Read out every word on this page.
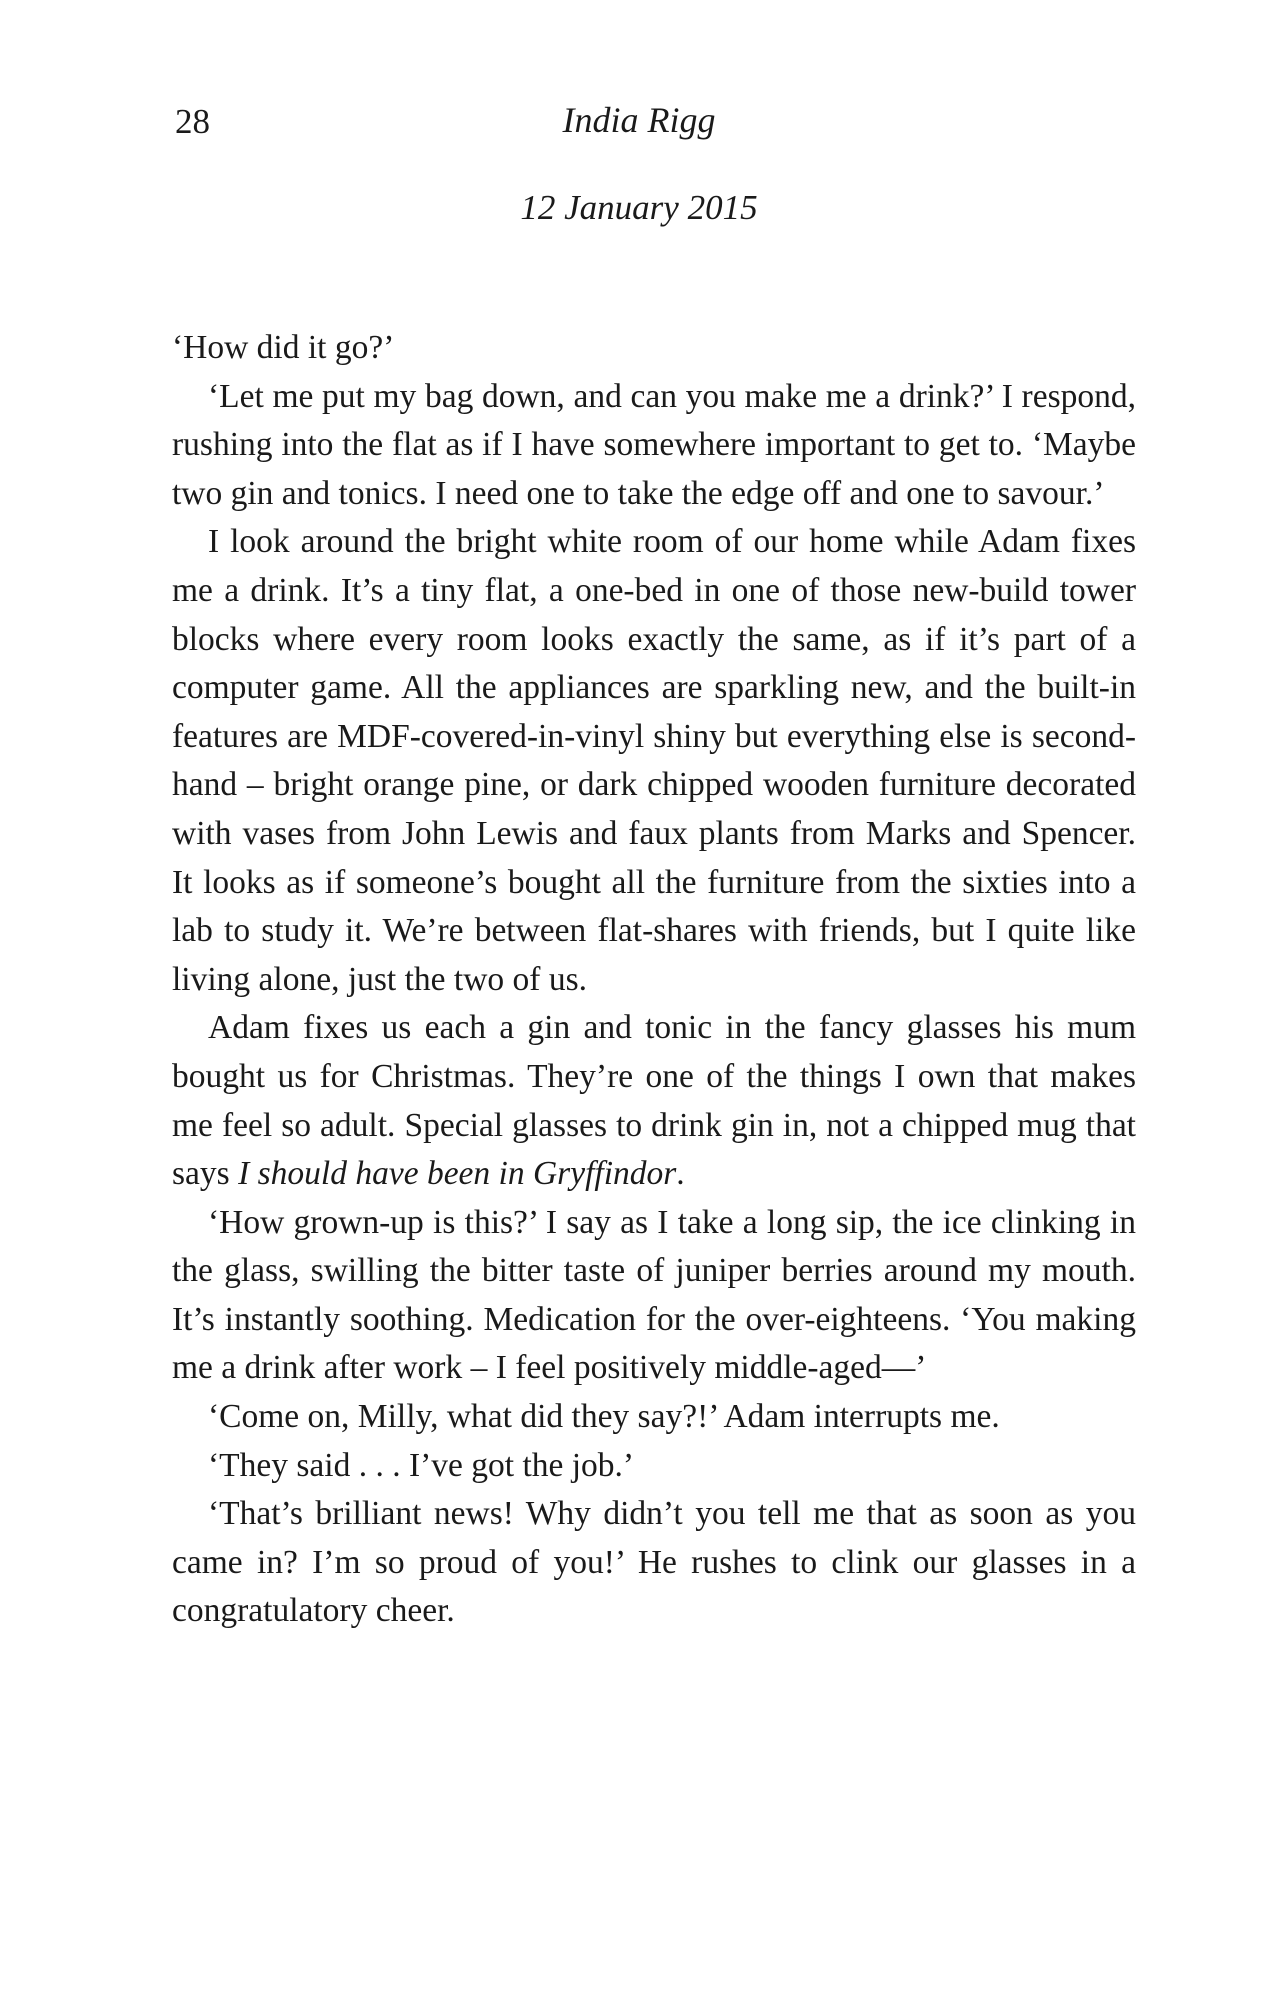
28	India Rigg
12 January 2015

‘How did it go?’

‘Let me put my bag down, and can you make me a drink?’ I respond, rushing into the flat as if I have somewhere important to get to. ‘Maybe two gin and tonics. I need one to take the edge off and one to savour.’

I look around the bright white room of our home while Adam fixes me a drink. It’s a tiny flat, a one-bed in one of those new-build tower blocks where every room looks exactly the same, as if it’s part of a computer game. All the appliances are sparkling new, and the built-in features are MDF-covered-in-vinyl shiny but everything else is second-hand – bright orange pine, or dark chipped wooden furniture decorated with vases from John Lewis and faux plants from Marks and Spencer. It looks as if someone’s bought all the furniture from the sixties into a lab to study it. We’re between flat-shares with friends, but I quite like living alone, just the two of us.

Adam fixes us each a gin and tonic in the fancy glasses his mum bought us for Christmas. They’re one of the things I own that makes me feel so adult. Special glasses to drink gin in, not a chipped mug that says I should have been in Gryffindor.

‘How grown-up is this?’ I say as I take a long sip, the ice clinking in the glass, swilling the bitter taste of juniper berries around my mouth. It’s instantly soothing. Medication for the over-eighteens. ‘You making me a drink after work – I feel positively middle-aged—’

‘Come on, Milly, what did they say?!’ Adam interrupts me.

‘They said . . . I’ve got the job.’

‘That’s brilliant news! Why didn’t you tell me that as soon as you came in? I’m so proud of you!’ He rushes to clink our glasses in a congratulatory cheer.
